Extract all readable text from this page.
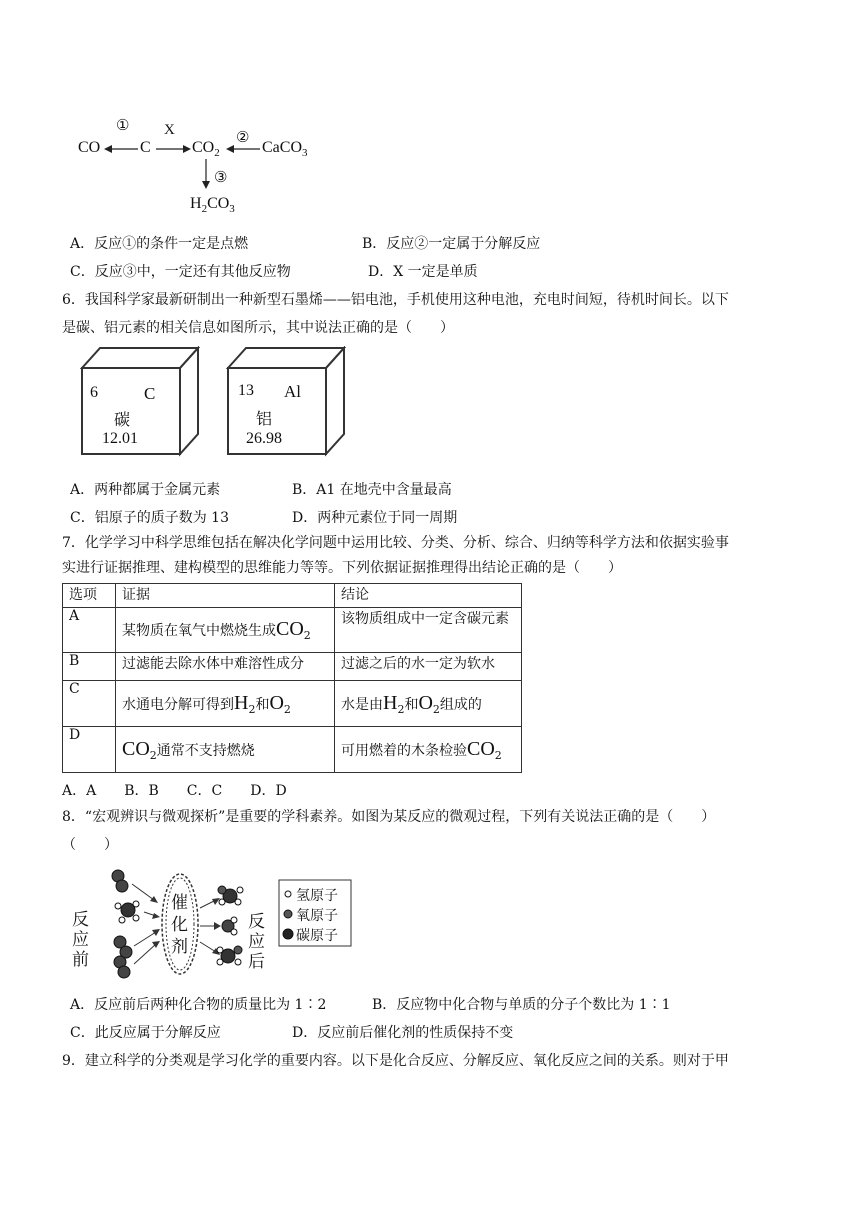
CO
①
C
X
$CO_2$
②
CaCO$_3$
③
$H_2CO_3$
A．反应①的条件一定是点燃	B．反应②一定属于分解反应
C．反应③中，一定还有其他反应物	D．X 一定是单质
6．我国科学家最新研制出一种新型石墨烯——铝电池，手机使用这种电池，充电时间短，待机时间长。以下
是碳、铝元素的相关信息如图所示，其中说法正确的是（　　）
6	C
碳
12.01
13 Al
铝
26.98
A．两种都属于金属元素	B．A1 在地壳中含量最高
C．铝原子的质子数为 13	D．两种元素位于同一周期
7．化学学习中科学思维包括在解决化学问题中运用比较、分类、分析、综合、归纳等科学方法和依据实验事
实进行证据推理、建构模型的思维能力等等。下列依据证据推理得出结论正确的是（　　）
选项	证据	结论
A	某物质在氧气中燃烧生成$CO_2$	该物质组成中一定含碳元素
B	过滤能去除水体中难溶性成分	过滤之后的水一定为软水
C	水通电分解可得到$H_2$和$O_2$	水是由$H_2$和$O_2$组成的
D	$CO_2$通常不支持燃烧	可用燃着的木条检验$CO_2$
A．A　　B．B　　C．C　　D．D
8．“宏观辨识与微观探析”是重要的学科素养。如图为某反应的微观过程，下列有关说法正确的是（　　）
（　　）
反应前
催化剂
反应后
氢原子
氧原子
碳原子
A．反应前后两种化合物的质量比为 1∶2	B．反应物中化合物与单质的分子个数比为 1∶1
C．此反应属于分解反应	D．反应前后催化剂的性质保持不变
9．建立科学的分类观是学习化学的重要内容。以下是化合反应、分解反应、氧化反应之间的关系。则对于甲
